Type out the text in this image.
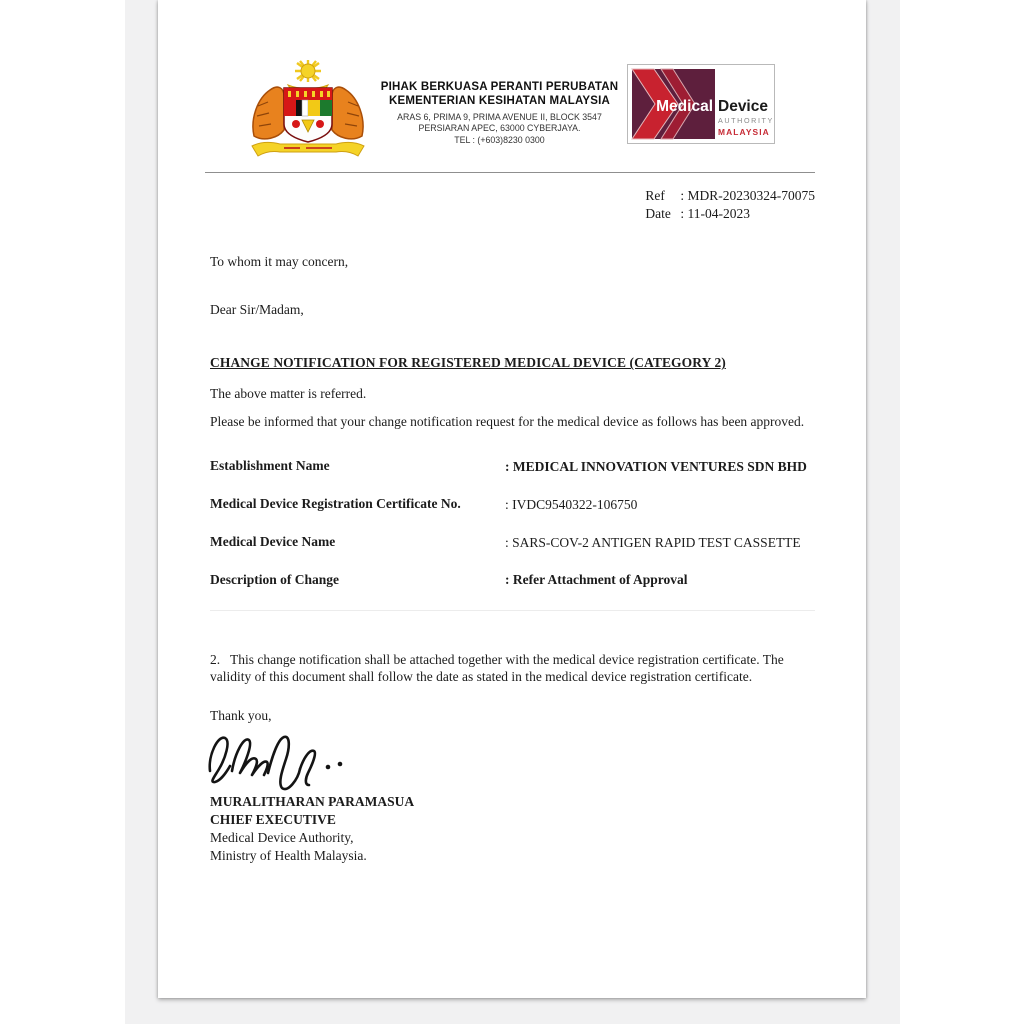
PIHAK BERKUASA PERANTI PERUBATAN
KEMENTERIAN KESIHATAN MALAYSIA
ARAS 6, PRIMA 9, PRIMA AVENUE II, BLOCK 3547
PERSIARAN APEC, 63000 CYBERJAYA.
TEL : (+603)8230 0300
Medical Device
AUTHORITY
MALAYSIA
Ref : MDR-20230324-70075
Date : 11-04-2023

To whom it may concern,

Dear Sir/Madam,

CHANGE NOTIFICATION FOR REGISTERED MEDICAL DEVICE (CATEGORY 2)

The above matter is referred.

Please be informed that your change notification request for the medical device as follows has been approved.

Establishment Name	: MEDICAL INNOVATION VENTURES SDN BHD
Medical Device Registration Certificate No.	: IVDC9540322-106750
Medical Device Name	: SARS-COV-2 ANTIGEN RAPID TEST CASSETTE
Description of Change	: Refer Attachment of Approval

2.   This change notification shall be attached together with the medical device registration certificate. The validity of this document shall follow the date as stated in the medical device registration certificate.

Thank you,

MURALITHARAN PARAMASUA

CHIEF EXECUTIVE

Medical Device Authority,

Ministry of Health Malaysia.
